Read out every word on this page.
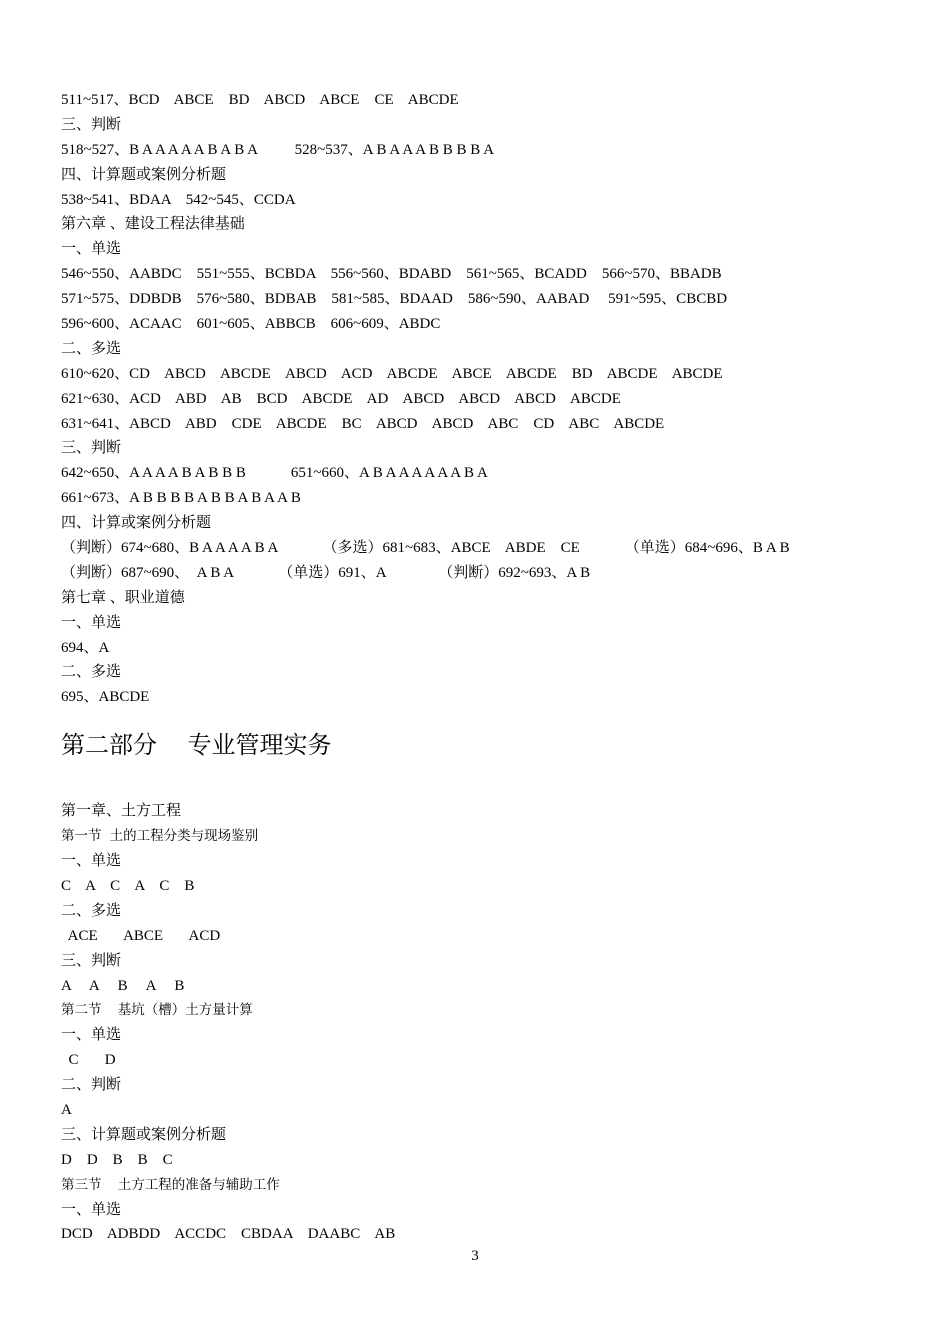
511~517、BCD    ABCE    BD    ABCD    ABCE    CE    ABCDE
三、判断
518~527、B A A A A A B A B A          528~537、A B A A A B B B B A
四、计算题或案例分析题
538~541、BDAA    542~545、CCDA
第六章 、建设工程法律基础
一、单选
546~550、AABDC    551~555、BCBDA    556~560、BDABD    561~565、BCADD    566~570、BBADB
571~575、DDBDB    576~580、BDBAB    581~585、BDAAD    586~590、AABAD     591~595、CBCBD
596~600、ACAAC    601~605、ABBCB    606~609、ABDC
二、多选
610~620、CD    ABCD    ABCDE    ABCD    ACD    ABCDE    ABCE    ABCDE    BD    ABCDE    ABCDE
621~630、ACD    ABD    AB    BCD    ABCDE    AD    ABCD    ABCD    ABCD    ABCDE
631~641、ABCD    ABD    CDE    ABCDE    BC    ABCD    ABCD    ABC    CD    ABC    ABCDE
三、判断
642~650、A A A A B A B B B            651~660、A B A A A A A A B A
661~673、A B B B B A B B A B A A B
四、计算或案例分析题
（判断）674~680、B A A A A B A            （多选）681~683、ABCE    ABDE    CE            （单选）684~696、B A B
（判断）687~690、  A B A            （单选）691、A              （判断）692~693、A B
第七章 、职业道德
一、单选
694、A
二、多选
695、ABCDE
第二部分    专业管理实务
第一章、土方工程
第一节 土的工程分类与现场鉴别
一、单选
C    A    C    A    C    B
二、多选
ACE       ABCE       ACD
三、判断
A     A     B     A     B
第二节  基坑（槽）土方量计算
一、单选
C       D
二、判断
A
三、计算题或案例分析题
D    D    B    B    C
第三节  土方工程的准备与辅助工作
一、单选
DCD    ADBDD    ACCDC    CBDAA    DAABC    AB
3
